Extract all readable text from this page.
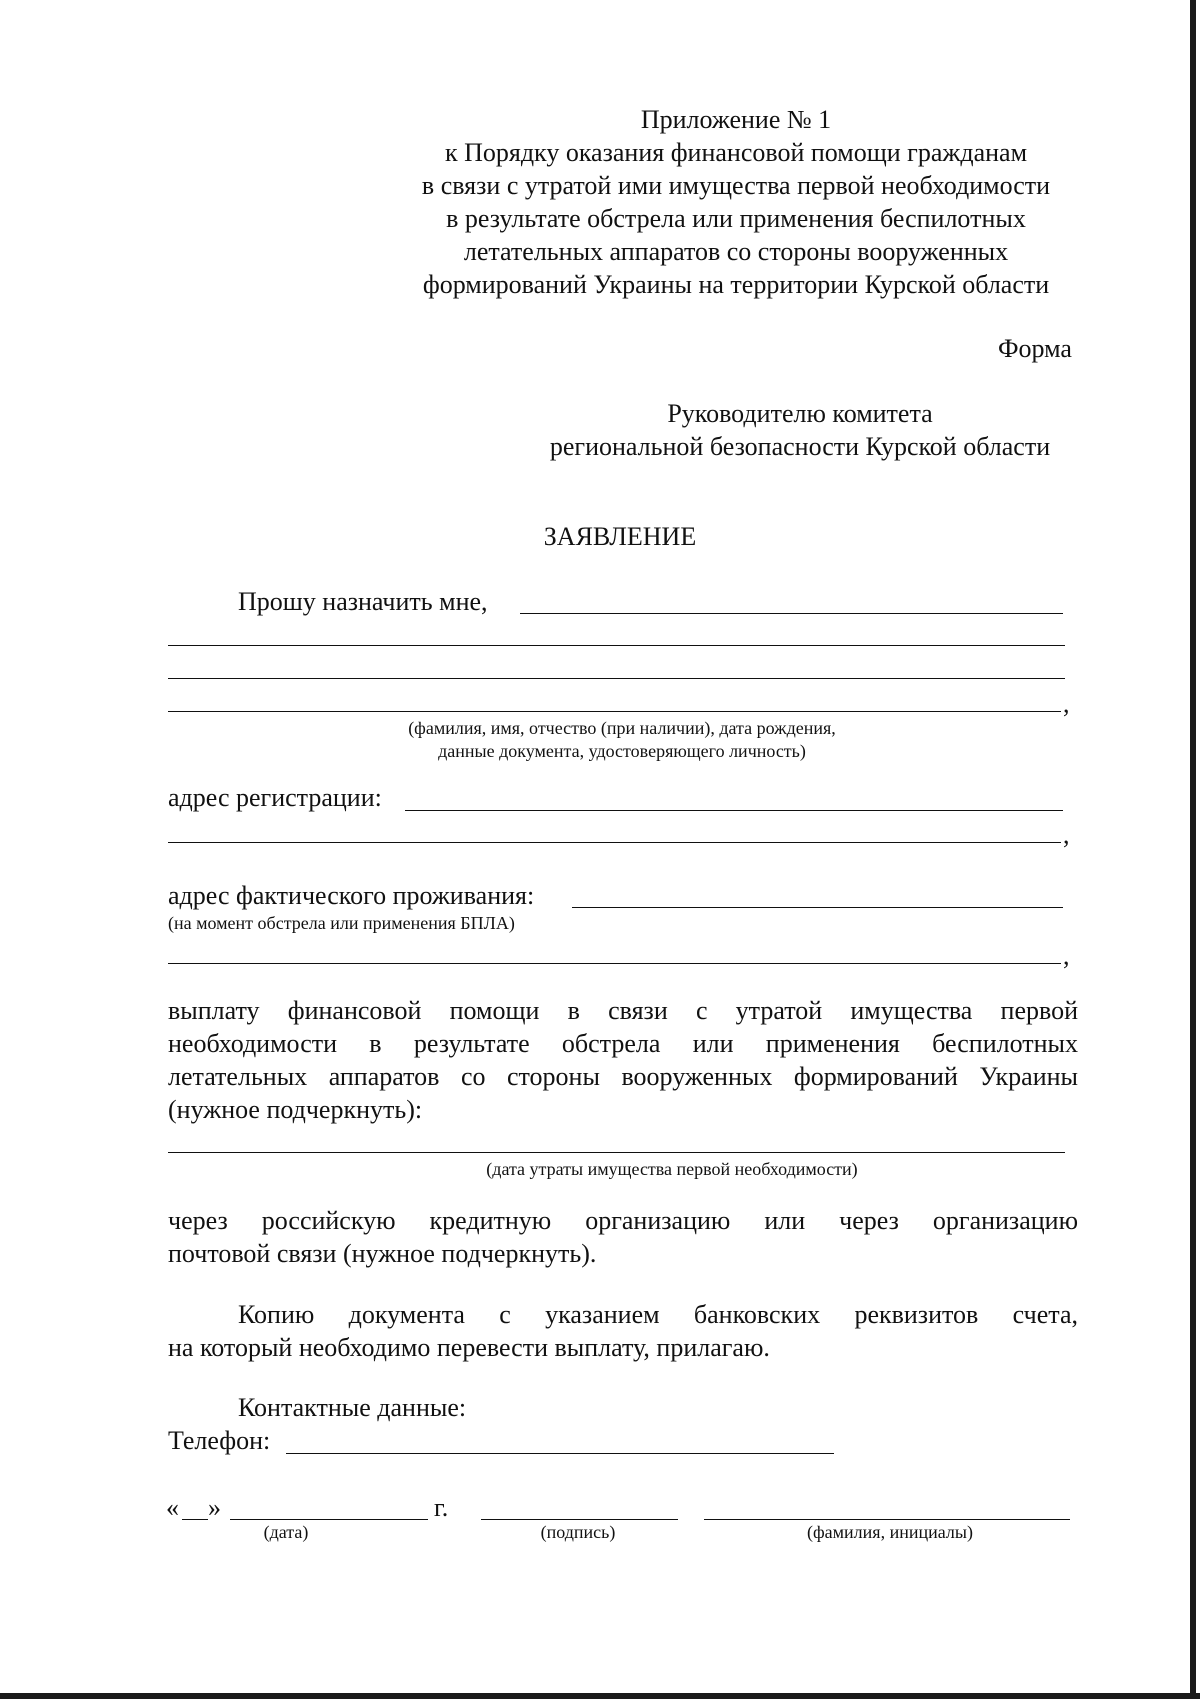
Приложение № 1
к Порядку оказания финансовой помощи гражданам
в связи с утратой ими имущества первой необходимости
в результате обстрела или применения беспилотных
летательных аппаратов со стороны вооруженных
формирований Украины на территории Курской области
Форма
Руководителю комитета
региональной безопасности Курской области
ЗАЯВЛЕНИЕ
Прошу назначить мне,
,
(фамилия, имя, отчество (при наличии), дата рождения,
данные документа, удостоверяющего личность)
адрес регистрации:
,
адрес фактического проживания:
(на момент обстрела или применения БПЛА)
,
выплату финансовой помощи в связи с утратой имущества первой
необходимости в результате обстрела или применения беспилотных
летательных аппаратов со стороны вооруженных формирований Украины
(нужное подчеркнуть):
(дата утраты имущества первой необходимости)
через российскую кредитную организацию или через организацию
почтовой связи (нужное подчеркнуть).
Копию документа с указанием банковских реквизитов счета,
на который необходимо перевести выплату, прилагаю.
Контактные данные:
Телефон:
« »	г.
(дата)	(подпись)	(фамилия, инициалы)
